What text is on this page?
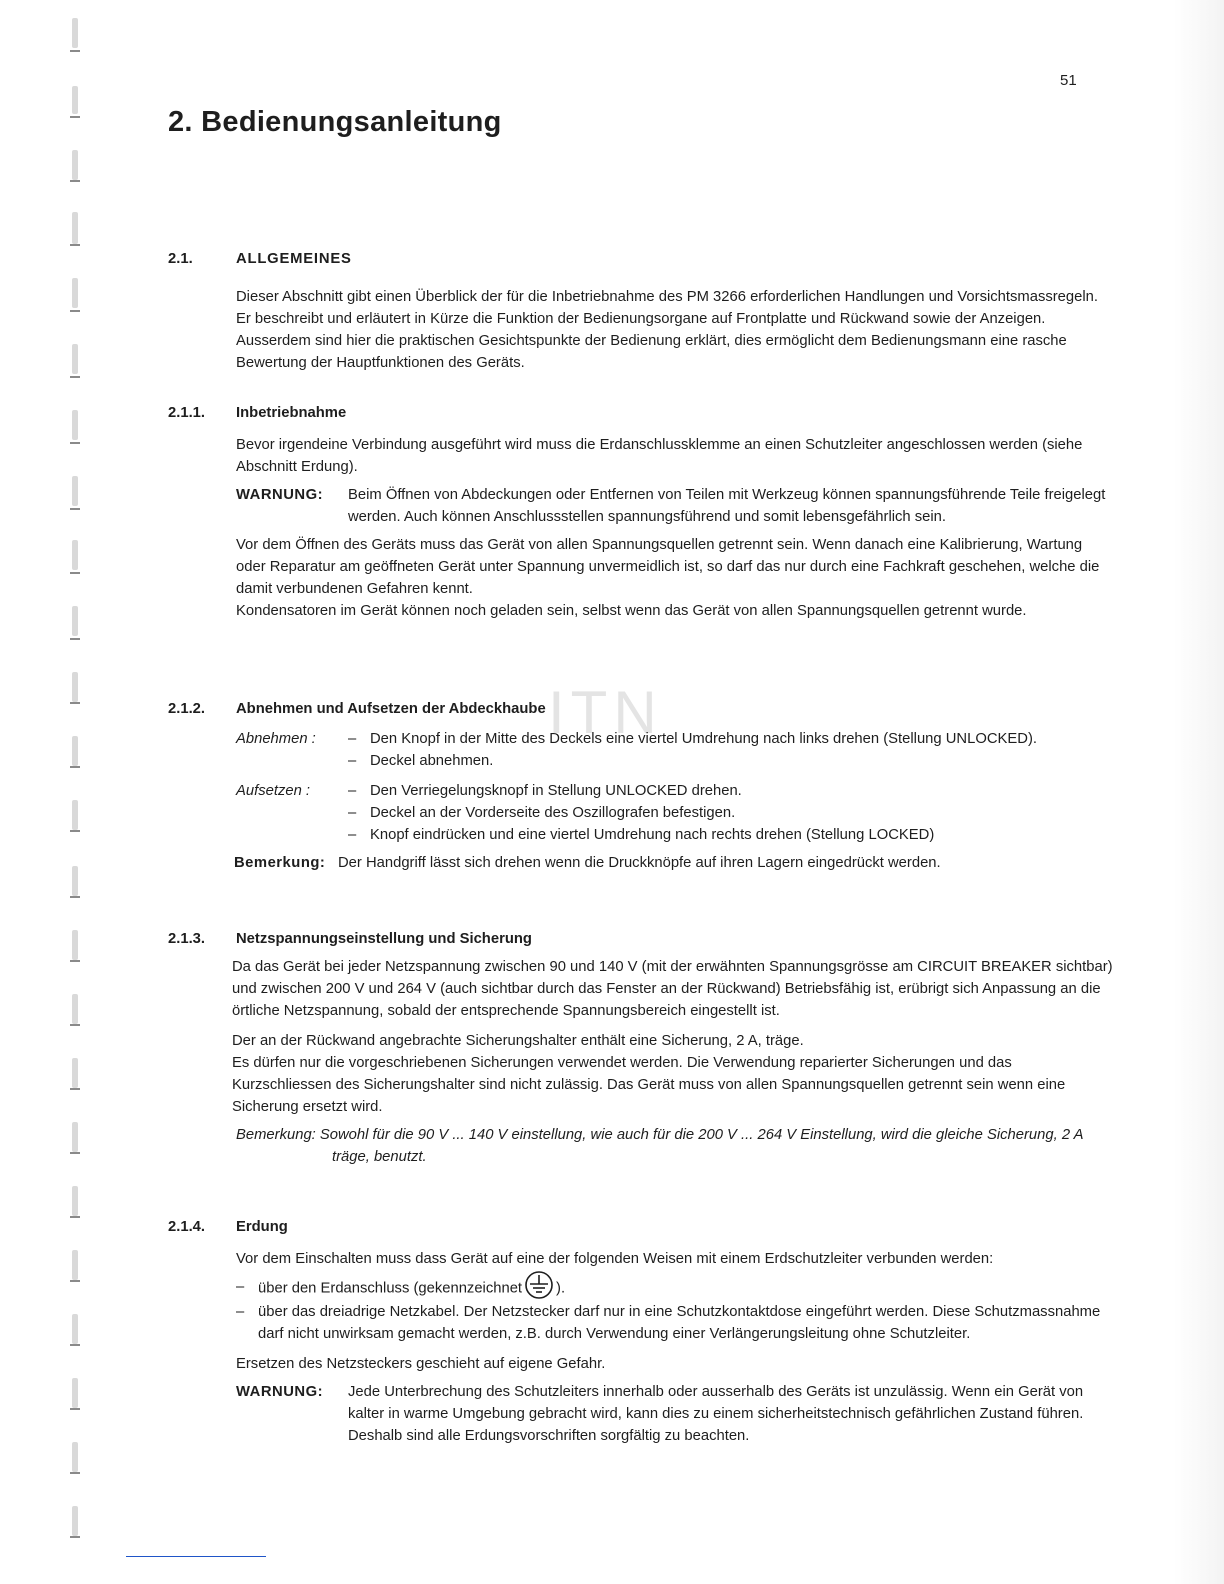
51
2. Bedienungsanleitung
ITN
2.1.	ALLGEMEINES

Dieser Abschnitt gibt einen Überblick der für die Inbetriebnahme des PM 3266 erforderlichen Handlungen und Vorsichtsmassregeln. Er beschreibt und erläutert in Kürze die Funktion der Bedienungsorgane auf Frontplatte und Rückwand sowie der Anzeigen. Ausserdem sind hier die praktischen Gesichtspunkte der Bedienung erklärt, dies ermöglicht dem Bedienungsmann eine rasche Bewertung der Hauptfunktionen des Geräts.

2.1.1. Inbetriebnahme

Bevor irgendeine Verbindung ausgeführt wird muss die Erdanschlussklemme an einen Schutzleiter angeschlossen werden (siehe Abschnitt Erdung).

WARNUNG:	Beim Öffnen von Abdeckungen oder Entfernen von Teilen mit Werkzeug können spannungsführende Teile freigelegt werden. Auch können Anschlussstellen spannungsführend und somit lebensgefährlich sein.

Vor dem Öffnen des Geräts muss das Gerät von allen Spannungsquellen getrennt sein. Wenn danach eine Kalibrierung, Wartung oder Reparatur am geöffneten Gerät unter Spannung unvermeidlich ist, so darf das nur durch eine Fachkraft geschehen, welche die damit verbundenen Gefahren kennt.

Kondensatoren im Gerät können noch geladen sein, selbst wenn das Gerät von allen Spannungsquellen getrennt wurde.

2.1.2. Abnehmen und Aufsetzen der Abdeckhaube
Abnehmen :	– Den Knopf in der Mitte des Deckels eine viertel Umdrehung nach links drehen (Stellung UNLOCKED).
– Deckel abnehmen.
Aufsetzen :	– Den Verriegelungsknopf in Stellung UNLOCKED drehen.
– Deckel an der Vorderseite des Oszillografen befestigen.
– Knopf eindrücken und eine viertel Umdrehung nach rechts drehen (Stellung LOCKED)
Bemerkung: Der Handgriff lässt sich drehen wenn die Druckknöpfe auf ihren Lagern eingedrückt werden.
2.1.3. Netzspannungseinstellung und Sicherung

Da das Gerät bei jeder Netzspannung zwischen 90 und 140 V (mit der erwähnten Spannungsgrösse am CIRCUIT BREAKER sichtbar) und zwischen 200 V und 264 V (auch sichtbar durch das Fenster an der Rückwand) Betriebsfähig ist, erübrigt sich Anpassung an die örtliche Netzspannung, sobald der entsprechende Spannungsbereich eingestellt ist.

Der an der Rückwand angebrachte Sicherungshalter enthält eine Sicherung, 2 A, träge.

Es dürfen nur die vorgeschriebenen Sicherungen verwendet werden. Die Verwendung reparierter Sicherungen und das Kurzschliessen des Sicherungshalter sind nicht zulässig. Das Gerät muss von allen Spannungsquellen getrennt sein wenn eine Sicherung ersetzt wird.

Bemerkung: Sowohl für die 90 V ... 140 V einstellung, wie auch für die 200 V ... 264 V Einstellung, wird die gleiche Sicherung, 2 A träge, benutzt.

2.1.4. Erdung

Vor dem Einschalten muss dass Gerät auf eine der folgenden Weisen mit einem Erdschutzleiter verbunden werden:

– über den Erdanschluss (gekennzeichnet ).
– über das dreiadrige Netzkabel. Der Netzstecker darf nur in eine Schutzkontaktdose eingeführt werden. Diese Schutzmassnahme darf nicht unwirksam gemacht werden, z.B. durch Verwendung einer Verlängerungsleitung ohne Schutzleiter.

Ersetzen des Netzsteckers geschieht auf eigene Gefahr.

WARNUNG:	Jede Unterbrechung des Schutzleiters innerhalb oder ausserhalb des Geräts ist unzulässig. Wenn ein Gerät von kalter in warme Umgebung gebracht wird, kann dies zu einem sicherheitstechnisch gefährlichen Zustand führen. Deshalb sind alle Erdungsvorschriften sorgfältig zu beachten.
